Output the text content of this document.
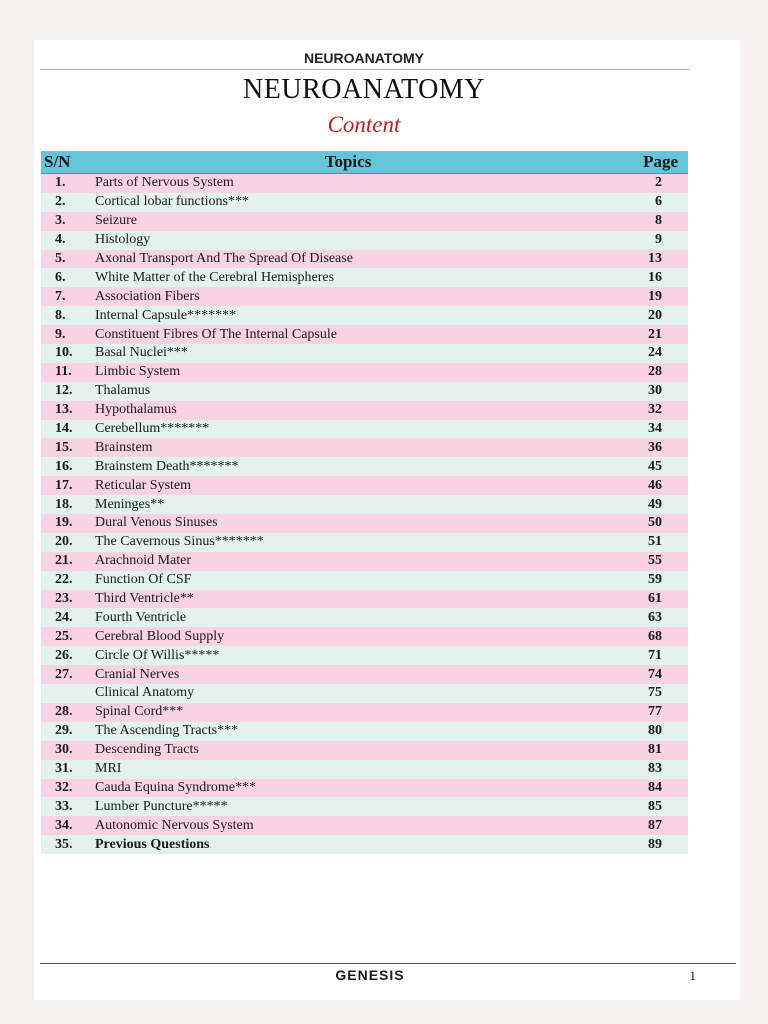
NEUROANATOMY
NEUROANATOMY
Content
S/N	Topics	Page
1.	Parts of Nervous System	2
2.	Cortical lobar functions***	6
3.	Seizure	8
4.	Histology	9
5.	Axonal Transport And The Spread Of Disease	13
6.	White Matter of the Cerebral Hemispheres	16
7.	Association Fibers	19
8.	Internal Capsule*******	20
9.	Constituent Fibres Of The Internal Capsule	21
10.	Basal Nuclei***	24
11.	Limbic System	28
12.	Thalamus	30
13.	Hypothalamus	32
14.	Cerebellum*******	34
15.	Brainstem	36
16.	Brainstem Death*******	45
17.	Reticular System	46
18.	Meninges**	49
19.	Dural Venous Sinuses	50
20.	The Cavernous Sinus*******	51
21.	Arachnoid Mater	55
22.	Function Of CSF	59
23.	Third Ventricle**	61
24.	Fourth Ventricle	63
25.	Cerebral Blood Supply	68
26.	Circle Of Willis*****	71
27.	Cranial Nerves	74
	Clinical Anatomy	75
28.	Spinal Cord***	77
29.	The Ascending Tracts***	80
30.	Descending Tracts	81
31.	MRI	83
32.	Cauda Equina Syndrome***	84
33.	Lumber Puncture*****	85
34.	Autonomic Nervous System	87
35.	Previous Questions	89
GENESIS	1
